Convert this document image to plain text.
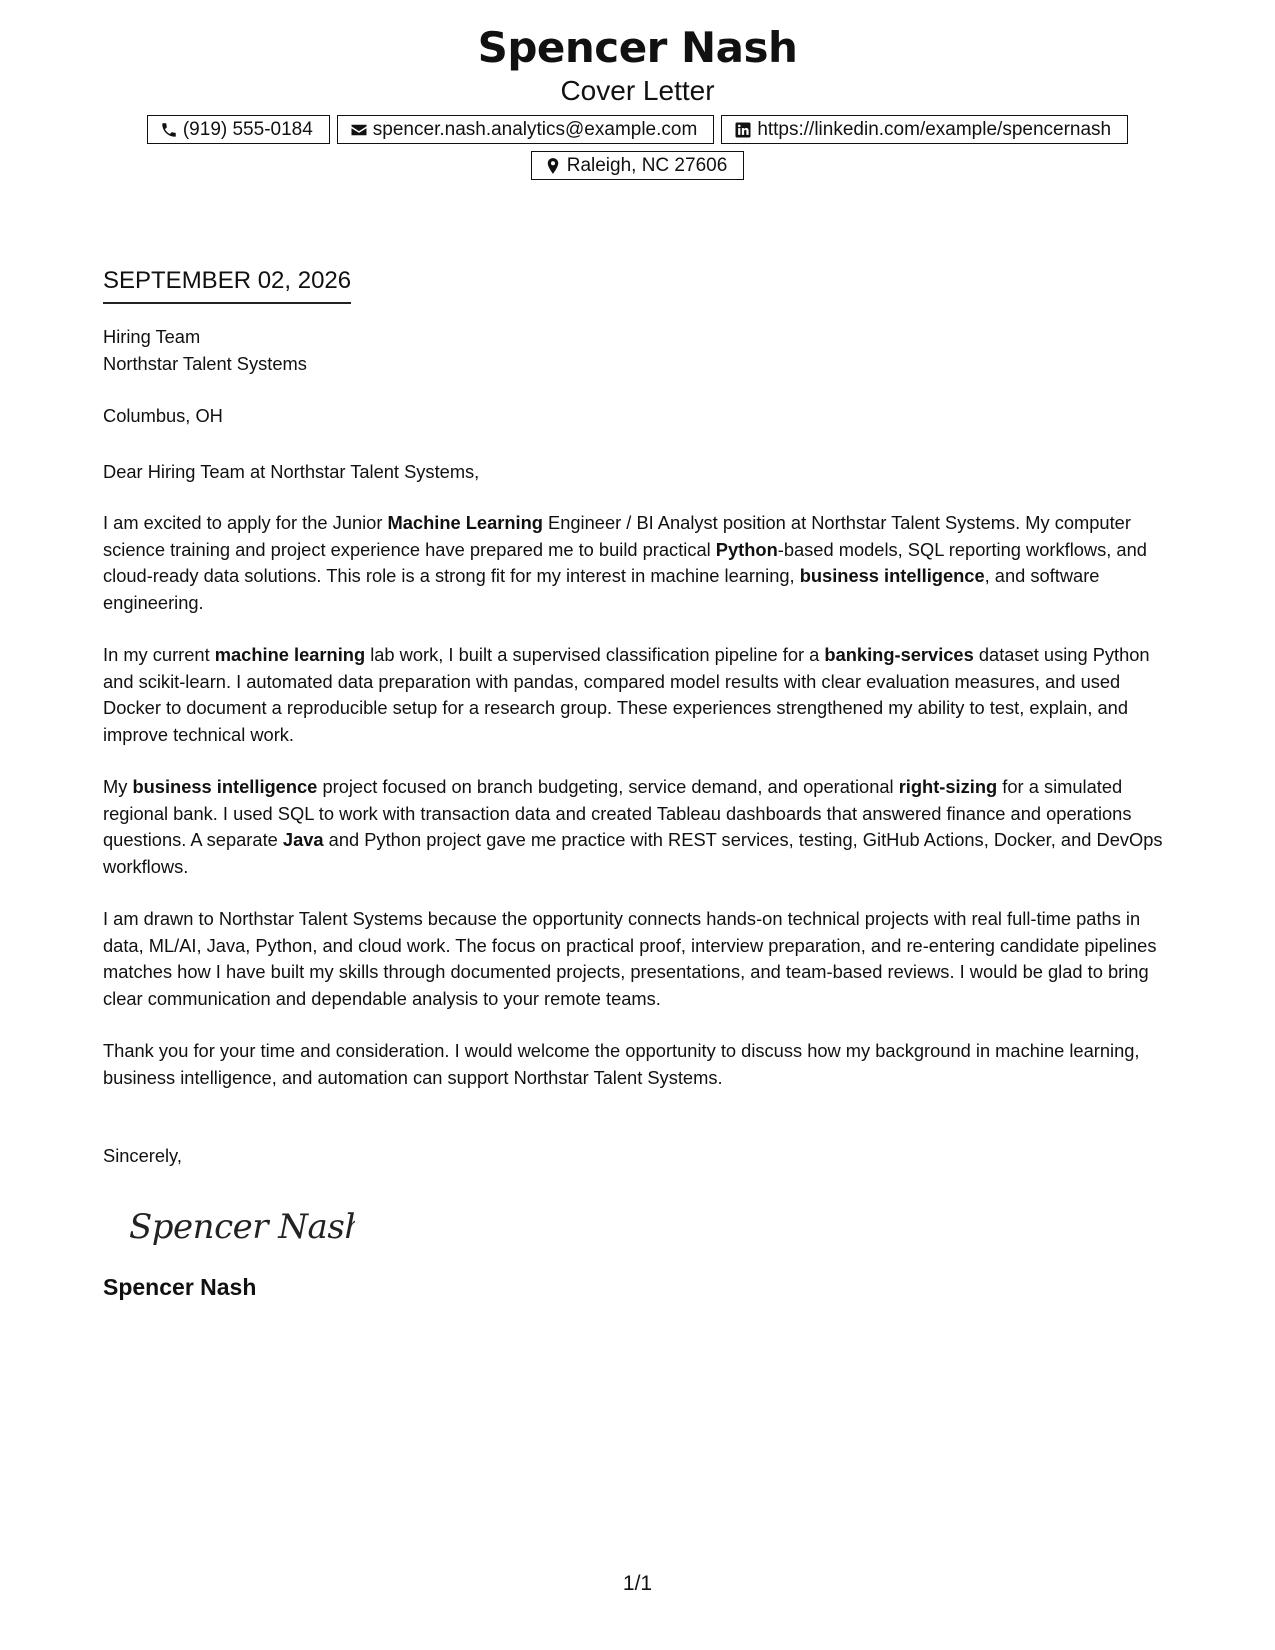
Spencer Nash

Cover Letter

(919) 555-0184	spencer.nash.analytics@example.com	https://linkedin.com/example/spencernash
Raleigh, NC 27606
SEPTEMBER 02, 2026

Hiring Team

Northstar Talent Systems

Columbus, OH

Dear Hiring Team at Northstar Talent Systems,

I am excited to apply for the Junior Machine Learning Engineer / BI Analyst position at Northstar Talent Systems. My computer science training and project experience have prepared me to build practical Python-based models, SQL reporting workflows, and cloud-ready data solutions. This role is a strong fit for my interest in machine learning, business intelligence, and software engineering.

In my current machine learning lab work, I built a supervised classification pipeline for a banking-services dataset using Python and scikit-learn. I automated data preparation with pandas, compared model results with clear evaluation measures, and used Docker to document a reproducible setup for a research group. These experiences strengthened my ability to test, explain, and improve technical work.

My business intelligence project focused on branch budgeting, service demand, and operational right-sizing for a simulated regional bank. I used SQL to work with transaction data and created Tableau dashboards that answered finance and operations questions. A separate Java and Python project gave me practice with REST services, testing, GitHub Actions, Docker, and DevOps workflows.

I am drawn to Northstar Talent Systems because the opportunity connects hands-on technical projects with real full-time paths in data, ML/AI, Java, Python, and cloud work. The focus on practical proof, interview preparation, and re-entering candidate pipelines matches how I have built my skills through documented projects, presentations, and team-based reviews. I would be glad to bring clear communication and dependable analysis to your remote teams.

Thank you for your time and consideration. I would welcome the opportunity to discuss how my background in machine learning, business intelligence, and automation can support Northstar Talent Systems.

Sincerely,

Spencer Nash

Spencer Nash

1/1
